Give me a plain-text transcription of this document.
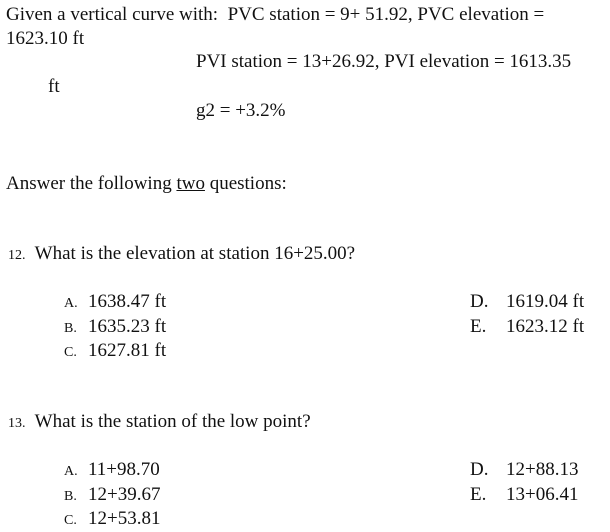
Given a vertical curve with: PVC station = 9+ 51.92, PVC elevation =
1623.10 ft
PVI station = 13+26.92, PVI elevation = 1613.35
ft
g2 = +3.2%
Answer the following two questions:
12. What is the elevation at station 16+25.00?
A. 1638.47 ft
B. 1635.23 ft
C. 1627.81 ft
D. 1619.04 ft
E. 1623.12 ft
13. What is the station of the low point?
A. 11+98.70
B. 12+39.67
C. 12+53.81
D. 12+88.13
E. 13+06.41
